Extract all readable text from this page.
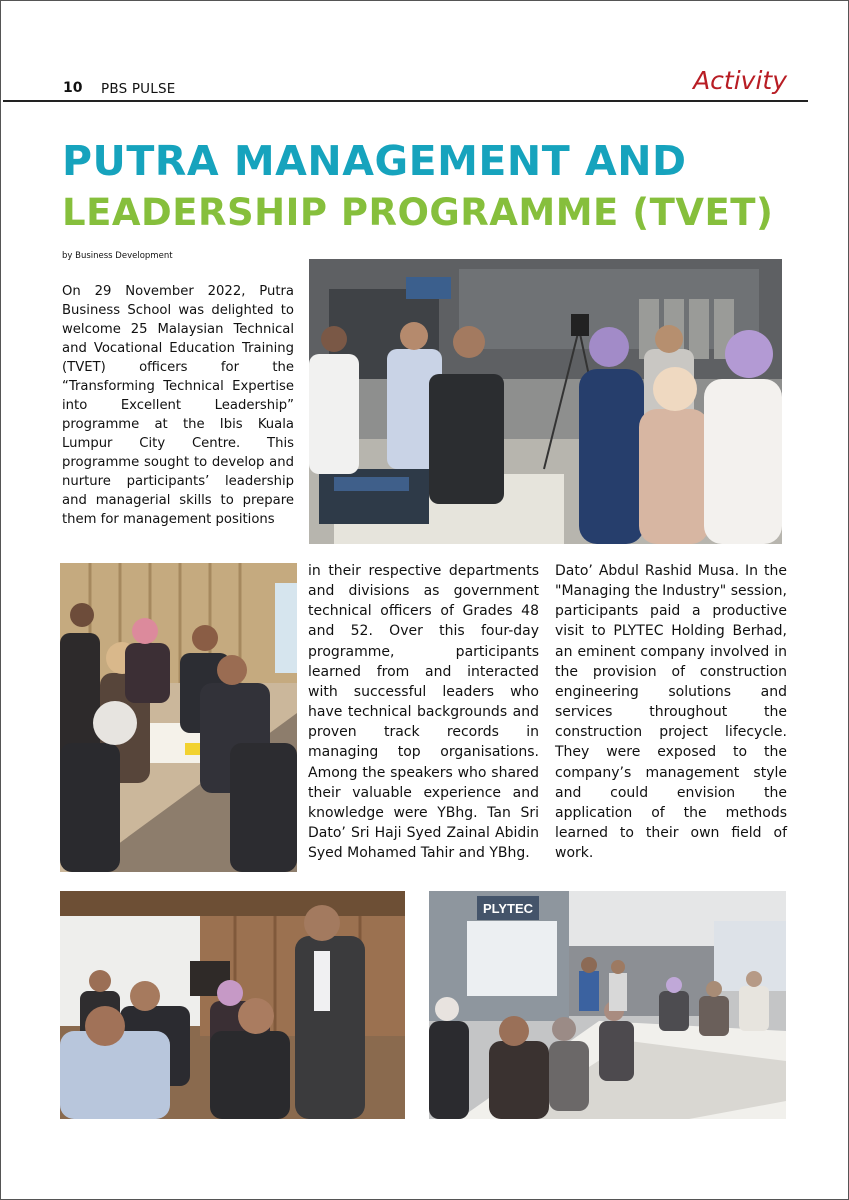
10 PBS PULSE	Activity
PUTRA MANAGEMENT AND
LEADERSHIP PROGRAMME (TVET)
by Business Development

On 29 November 2022, Putra Business School was delighted to welcome 25 Malaysian Technical and Vocational Education Training (TVET) officers for the “Transforming Technical Expertise into Excellent Leadership” programme at the Ibis Kuala Lumpur City Centre. This programme sought to develop and nurture participants’ leadership and managerial skills to prepare them for management positions

in their respective departments and divisions as government technical officers of Grades 48 and 52. Over this four-day programme, participants learned from and interacted with successful leaders who have technical backgrounds and proven track records in managing top organisations. Among the speakers who shared their valuable experience and knowledge were YBhg. Tan Sri Dato’ Sri Haji Syed Zainal Abidin Syed Mohamed Tahir and YBhg.

Dato’ Abdul Rashid Musa. In the "Managing the Industry" session, participants paid a productive visit to PLYTEC Holding Berhad, an eminent company involved in the provision of construction engineering solutions and services throughout the construction project lifecycle. They were exposed to the company’s management style and could envision the application of the methods learned to their own field of work.

PLYTEC
